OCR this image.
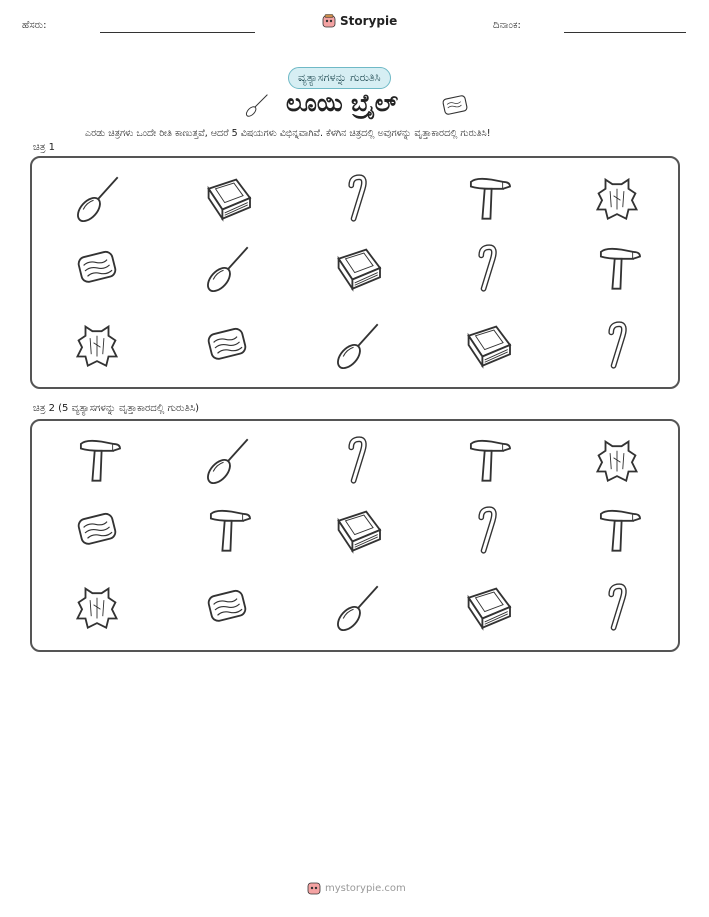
ಹೆಸರು:	Storypie	ದಿನಾಂಕ:
ವ್ಯತ್ಯಾಸಗಳನ್ನು ಗುರುತಿಸಿ
ಲೂಯಿ ಬ್ರೈಲ್
ಎರಡು ಚಿತ್ರಗಳು ಒಂದೇ ರೀತಿ ಕಾಣುತ್ತವೆ, ಆದರೆ 5 ವಿಷಯಗಳು ವಿಭಿನ್ನವಾಗಿವೆ. ಕೆಳಗಿನ ಚಿತ್ರದಲ್ಲಿ ಅವುಗಳನ್ನು ವೃತ್ತಾಕಾರದಲ್ಲಿ ಗುರುತಿಸಿ!
ಚಿತ್ರ 1
ಚಿತ್ರ 2 (5 ವ್ಯತ್ಯಾಸಗಳನ್ನು ವೃತ್ತಾಕಾರದಲ್ಲಿ ಗುರುತಿಸಿ)
mystorypie.com
